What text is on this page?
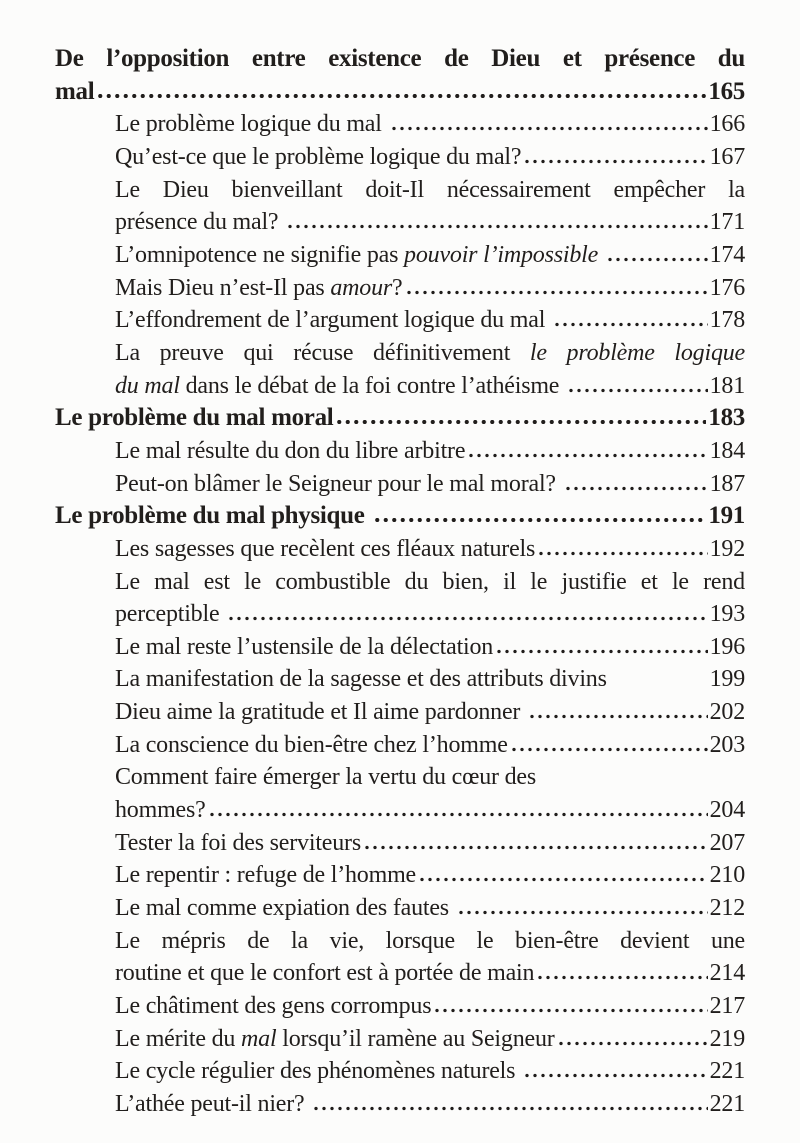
De l’opposition entre existence de Dieu et présence du
mal	165
Le problème logique du mal	166
Qu’est-ce que le problème logique du mal?	167
Le Dieu bienveillant doit-Il nécessairement empêcher la
présence du mal?	171
L’omnipotence ne signifie pas pouvoir l’impossible	174
Mais Dieu n’est-Il pas amour?	176
L’effondrement de l’argument logique du mal	178
La preuve qui récuse définitivement le problème logique
du mal dans le débat de la foi contre l’athéisme	181
Le problème du mal moral	183
Le mal résulte du don du libre arbitre	184
Peut-on blâmer le Seigneur pour le mal moral?	187
Le problème du mal physique	191
Les sagesses que recèlent ces fléaux naturels	192
Le mal est le combustible du bien, il le justifie et le rend
perceptible	193
Le mal reste l’ustensile de la délectation	196
La manifestation de la sagesse et des attributs divins	199
Dieu aime la gratitude et Il aime pardonner	202
La conscience du bien-être chez l’homme	203
Comment faire émerger la vertu du cœur des
hommes?	204
Tester la foi des serviteurs	207
Le repentir : refuge de l’homme	210
Le mal comme expiation des fautes	212
Le mépris de la vie, lorsque le bien-être devient une
routine et que le confort est à portée de main	214
Le châtiment des gens corrompus	217
Le mérite du mal lorsqu’il ramène au Seigneur	219
Le cycle régulier des phénomènes naturels	221
L’athée peut-il nier?	221
